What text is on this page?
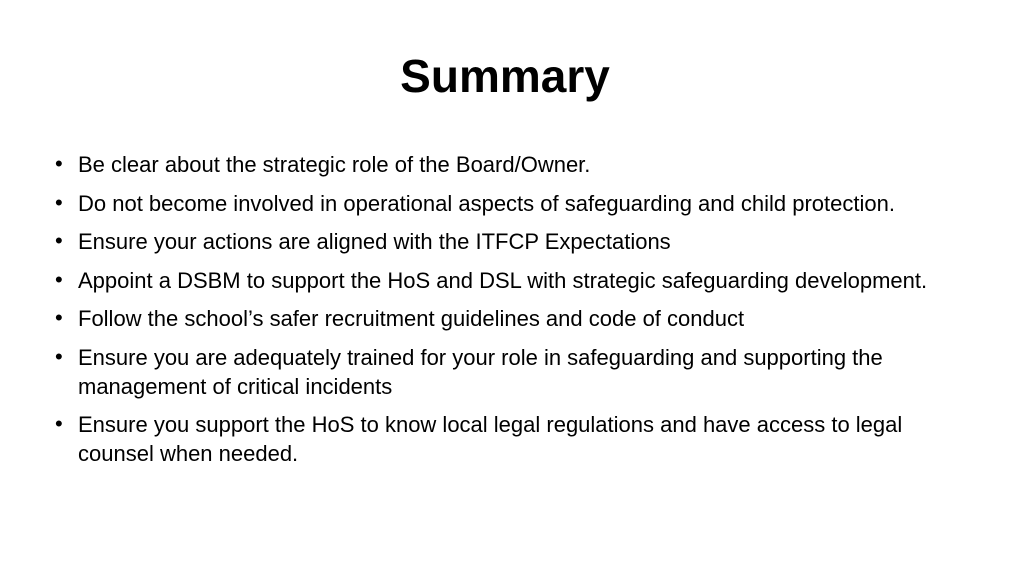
Summary
• Be clear about the strategic role of the Board/Owner.
• Do not become involved in operational aspects of safeguarding and child protection.
• Ensure your actions are aligned with the ITFCP Expectations
• Appoint a DSBM to support the HoS and DSL with strategic safeguarding development.
• Follow the school’s safer recruitment guidelines and code of conduct
• Ensure you are adequately trained for your role in safeguarding and supporting the management of critical incidents
• Ensure you support the HoS to know local legal regulations and have access to legal counsel when needed.
